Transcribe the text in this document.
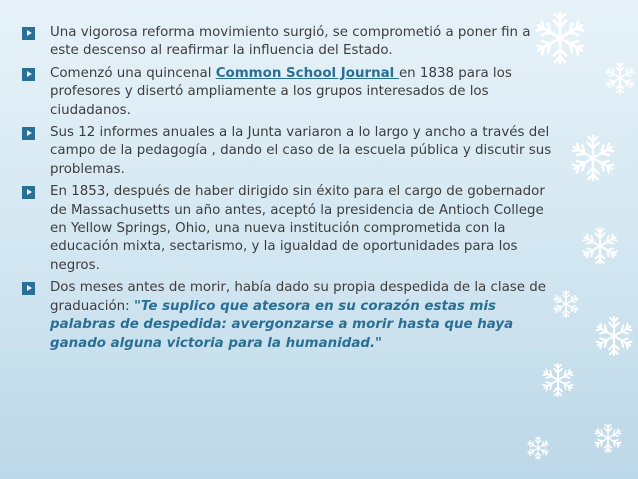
Una vigorosa reforma movimiento surgió, se comprometió a poner fin a este descenso al reafirmar la influencia del Estado.
Comenzó una quincenal Common School Journal en 1838 para los profesores y disertó ampliamente a los grupos interesados de los ciudadanos.
Sus 12 informes anuales a la Junta variaron a lo largo y ancho a través del campo de la pedagogía , dando el caso de la escuela pública y discutir sus problemas.
En 1853, después de haber dirigido sin éxito para el cargo de gobernador de Massachusetts un año antes, aceptó la presidencia de Antioch College en Yellow Springs, Ohio, una nueva institución comprometida con la educación mixta, sectarismo, y la igualdad de oportunidades para los negros.
Dos meses antes de morir, había dado su propia despedida de la clase de graduación: "Te suplico que atesora en su corazón estas mis palabras de despedida: avergonzarse a morir hasta que haya ganado alguna victoria para la humanidad."
